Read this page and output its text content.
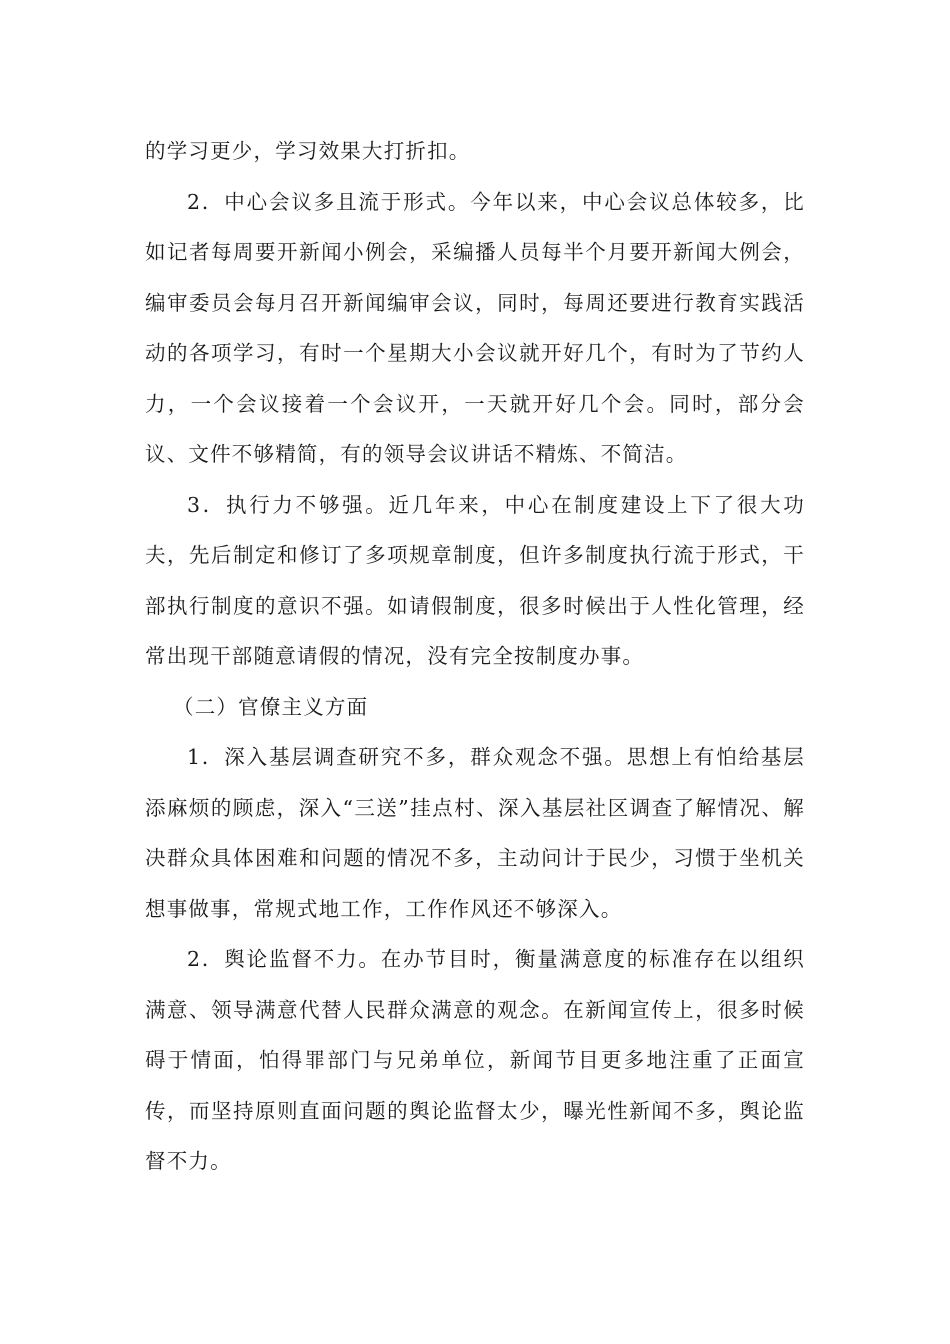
的学习更少，学习效果大打折扣。

2．中心会议多且流于形式。今年以来，中心会议总体较多，比如记者每周要开新闻小例会，采编播人员每半个月要开新闻大例会，编审委员会每月召开新闻编审会议，同时，每周还要进行教育实践活动的各项学习，有时一个星期大小会议就开好几个，有时为了节约人力，一个会议接着一个会议开，一天就开好几个会。同时，部分会议、文件不够精简，有的领导会议讲话不精炼、不简洁。

3．执行力不够强。近几年来，中心在制度建设上下了很大功夫，先后制定和修订了多项规章制度，但许多制度执行流于形式，干部执行制度的意识不强。如请假制度，很多时候出于人性化管理，经常出现干部随意请假的情况，没有完全按制度办事。

（二）官僚主义方面

1．深入基层调查研究不多，群众观念不强。思想上有怕给基层添麻烦的顾虑，深入“三送”挂点村、深入基层社区调查了解情况、解决群众具体困难和问题的情况不多，主动问计于民少，习惯于坐机关想事做事，常规式地工作，工作作风还不够深入。

2．舆论监督不力。在办节目时，衡量满意度的标准存在以组织满意、领导满意代替人民群众满意的观念。在新闻宣传上，很多时候碍于情面，怕得罪部门与兄弟单位，新闻节目更多地注重了正面宣传，而坚持原则直面问题的舆论监督太少，曝光性新闻不多，舆论监督不力。
